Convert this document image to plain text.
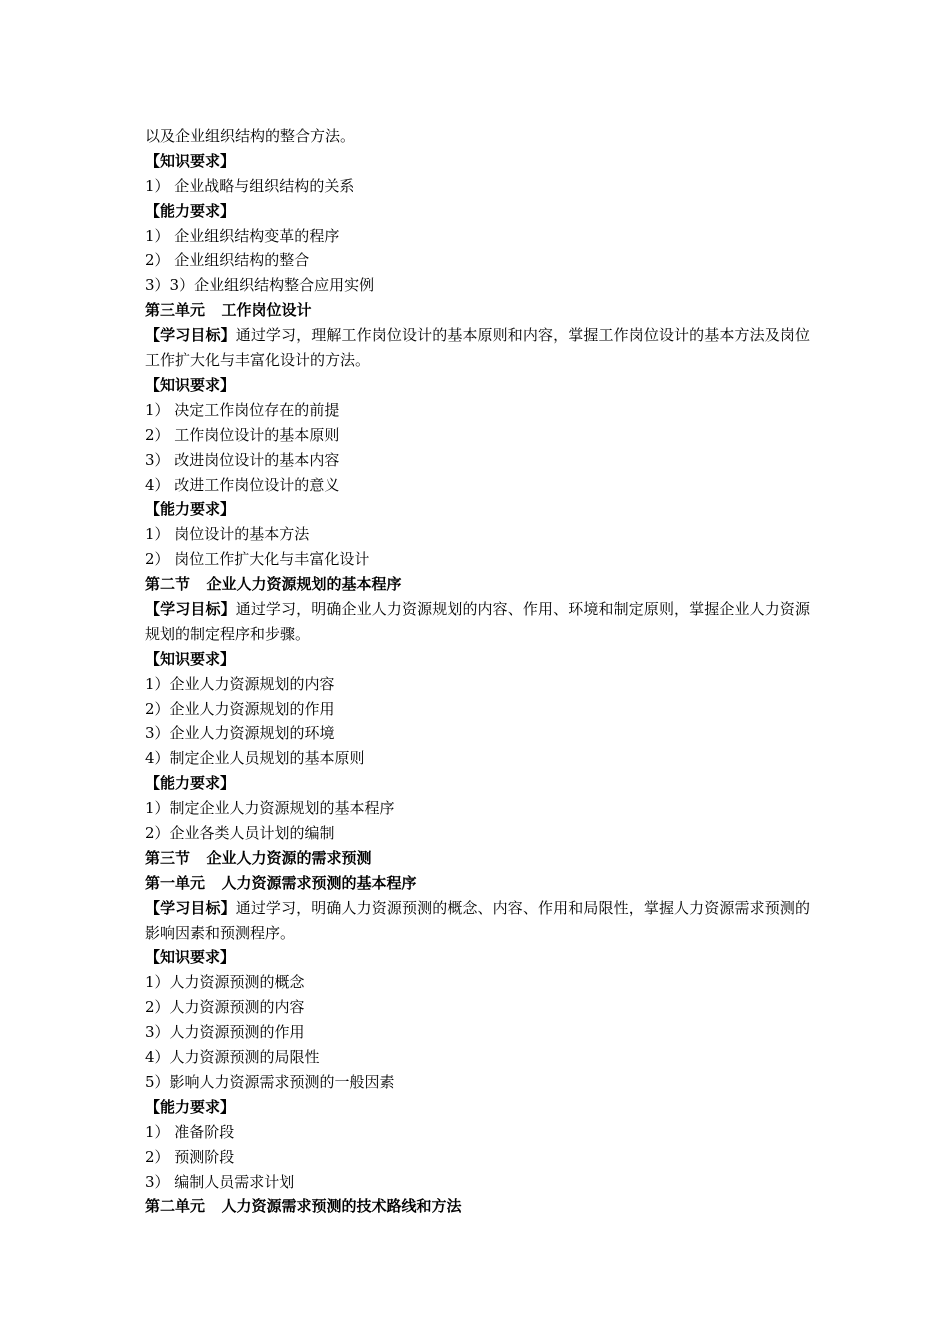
以及企业组织结构的整合方法。
【知识要求】
1） 企业战略与组织结构的关系
【能力要求】
1） 企业组织结构变革的程序
2） 企业组织结构的整合
3）3）企业组织结构整合应用实例
第三单元 工作岗位设计
【学习目标】通过学习，理解工作岗位设计的基本原则和内容，掌握工作岗位设计的基本方法及岗位工作扩大化与丰富化设计的方法。
【知识要求】
1） 决定工作岗位存在的前提
2） 工作岗位设计的基本原则
3） 改进岗位设计的基本内容
4） 改进工作岗位设计的意义
【能力要求】
1） 岗位设计的基本方法
2） 岗位工作扩大化与丰富化设计
第二节 企业人力资源规划的基本程序
【学习目标】通过学习，明确企业人力资源规划的内容、作用、环境和制定原则，掌握企业人力资源规划的制定程序和步骤。
【知识要求】
1）企业人力资源规划的内容
2）企业人力资源规划的作用
3）企业人力资源规划的环境
4）制定企业人员规划的基本原则
【能力要求】
1）制定企业人力资源规划的基本程序
2）企业各类人员计划的编制
第三节 企业人力资源的需求预测
第一单元 人力资源需求预测的基本程序
【学习目标】通过学习，明确人力资源预测的概念、内容、作用和局限性，掌握人力资源需求预测的影响因素和预测程序。
【知识要求】
1）人力资源预测的概念
2）人力资源预测的内容
3）人力资源预测的作用
4）人力资源预测的局限性
5）影响人力资源需求预测的一般因素
【能力要求】
1） 准备阶段
2） 预测阶段
3） 编制人员需求计划
第二单元 人力资源需求预测的技术路线和方法
